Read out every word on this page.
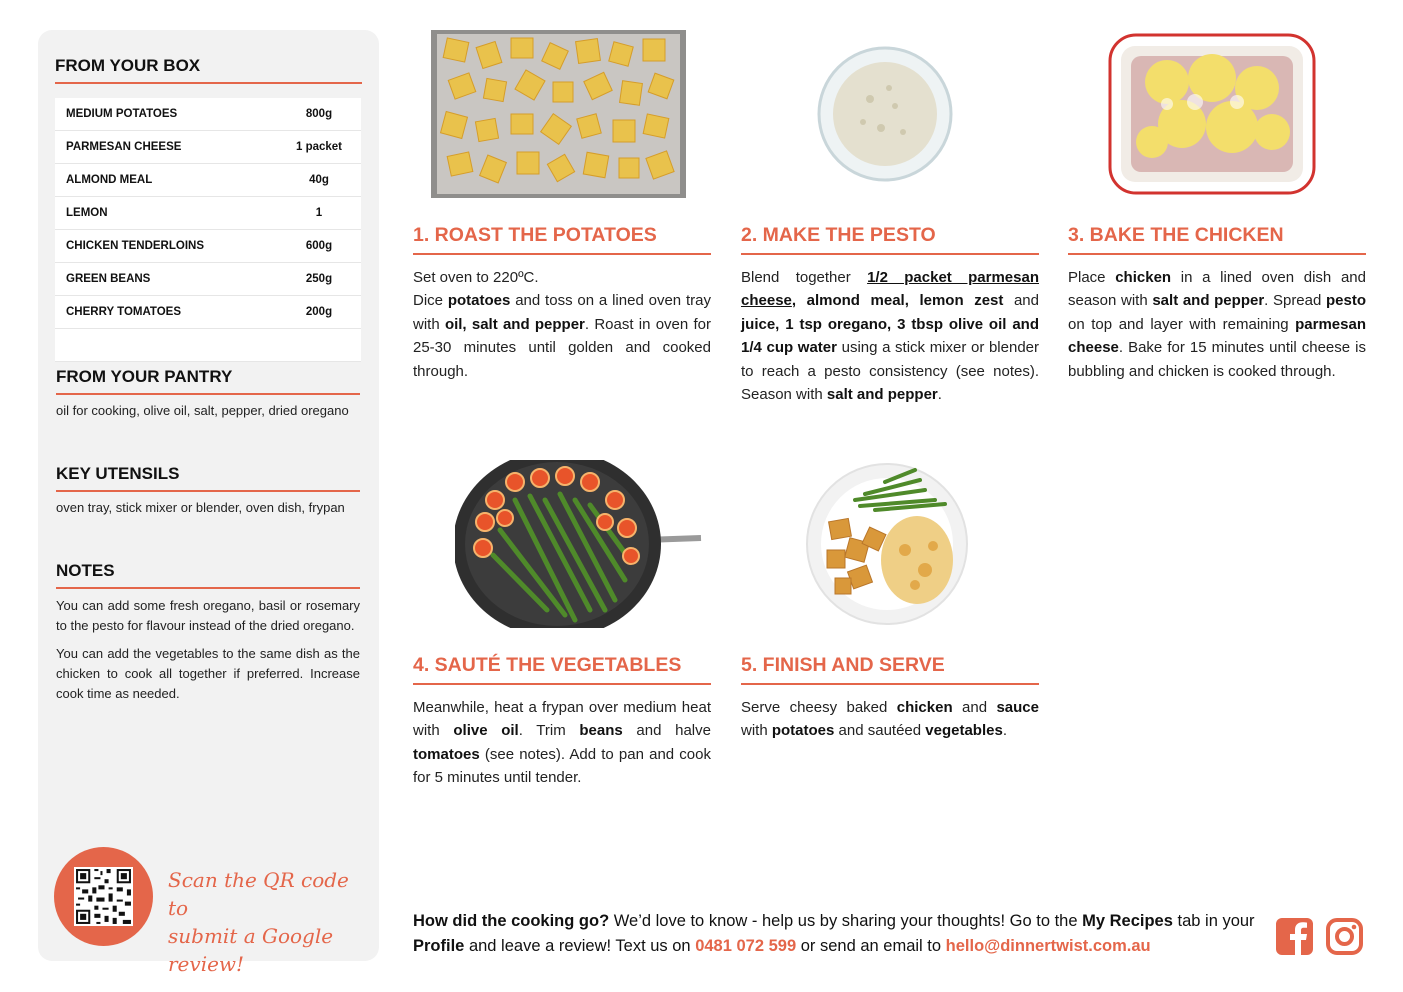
FROM YOUR BOX
MEDIUM POTATOES	800g
PARMESAN CHEESE	1 packet
ALMOND MEAL	40g
LEMON	1
CHICKEN TENDERLOINS	600g
GREEN BEANS	250g
CHERRY TOMATOES	200g

FROM YOUR PANTRY
oil for cooking, olive oil, salt, pepper, dried oregano
KEY UTENSILS
oven tray, stick mixer or blender, oven dish, frypan
NOTES

You can add some fresh oregano, basil or rosemary to the pesto for flavour instead of the dried oregano.

You can add the vegetables to the same dish as the chicken to cook all together if preferred. Increase cook time as needed.

Scan the QR code to
submit a Google review!
1. ROAST THE POTATOES
Set oven to 220ºC.
Dice potatoes and toss on a lined oven tray with oil, salt and pepper. Roast in oven for 25-30 minutes until golden and cooked through.
2. MAKE THE PESTO
Blend together 1/2 packet parmesan cheese, almond meal, lemon zest and juice, 1 tsp oregano, 3 tbsp olive oil and 1/4 cup water using a stick mixer or blender to reach a pesto consistency (see notes). Season with salt and pepper.
3. BAKE THE CHICKEN
Place chicken in a lined oven dish and season with salt and pepper. Spread pesto on top and layer with remaining parmesan cheese. Bake for 15 minutes until cheese is bubbling and chicken is cooked through.
4. SAUTÉ THE VEGETABLES
Meanwhile, heat a frypan over medium heat with olive oil. Trim beans and halve tomatoes (see notes). Add to pan and cook for 5 minutes until tender.
5. FINISH AND SERVE
Serve cheesy baked chicken and sauce with potatoes and sautéed vegetables.
How did the cooking go? We’d love to know - help us by sharing your thoughts! Go to the My Recipes tab in your Profile and leave a review! Text us on 0481 072 599 or send an email to hello@dinnertwist.com.au
